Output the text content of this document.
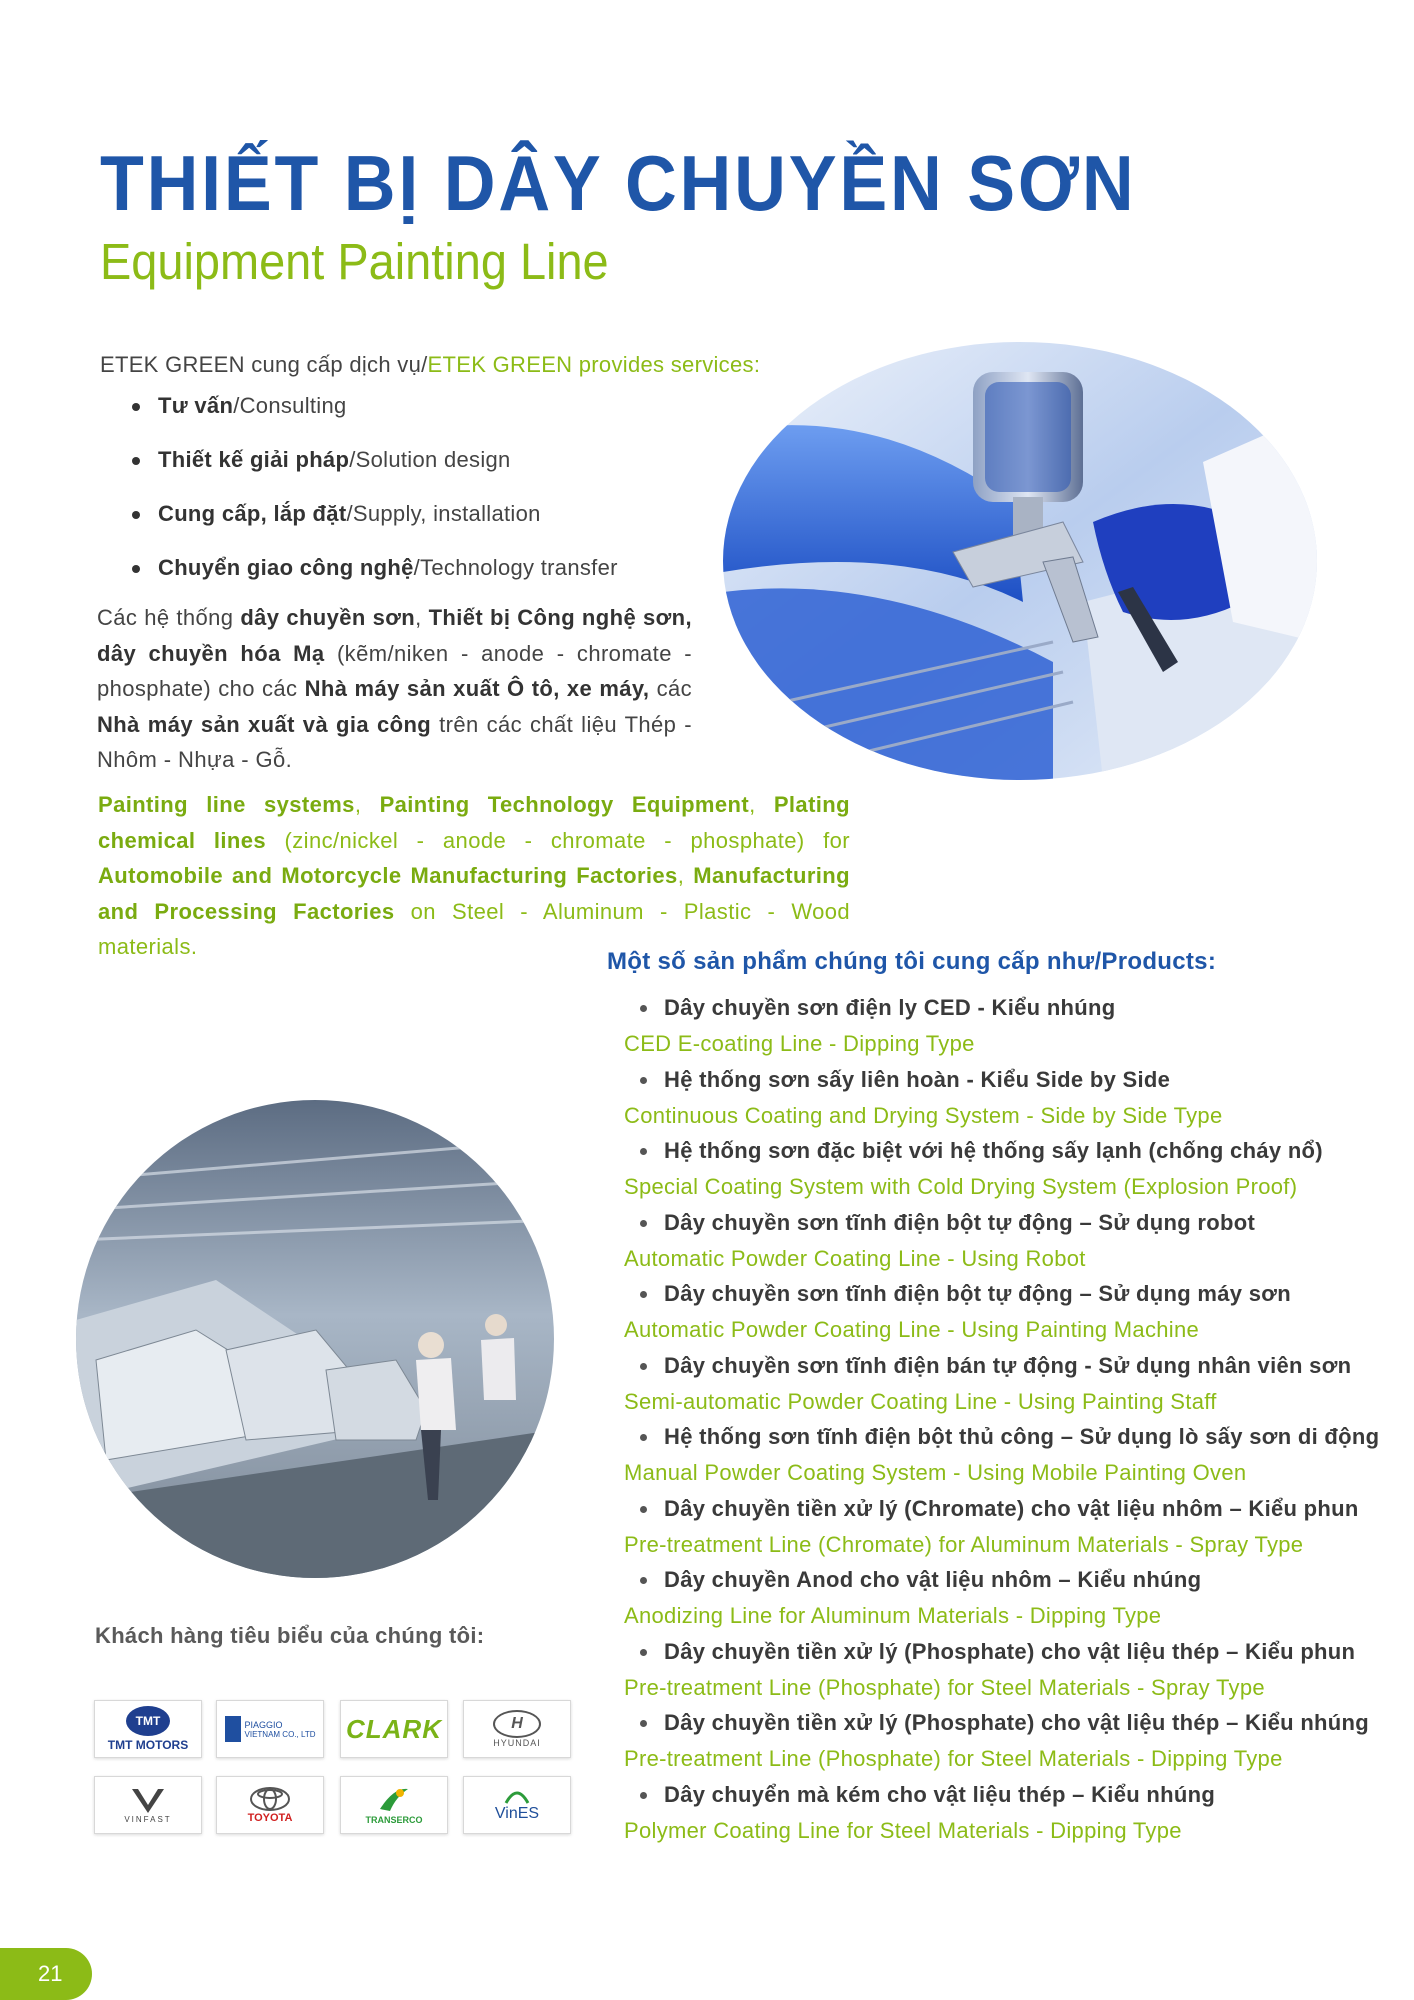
THIẾT BỊ DÂY CHUYỀN SƠN
Equipment Painting Line
ETEK GREEN cung cấp dịch vụ/ETEK GREEN provides services:
Tư vấn/Consulting
Thiết kế giải pháp/Solution design
Cung cấp, lắp đặt/Supply, installation
Chuyển giao công nghệ/Technology transfer
Các hệ thống dây chuyền sơn, Thiết bị Công nghệ sơn, dây chuyền hóa Mạ (kẽm/niken - anode - chromate - phosphate) cho các Nhà máy sản xuất Ô tô, xe máy, các Nhà máy sản xuất và gia công trên các chất liệu Thép - Nhôm - Nhựa - Gỗ.
Painting line systems, Painting Technology Equipment, Plating chemical lines (zinc/nickel - anode - chromate - phosphate) for Automobile and Motorcycle Manufacturing Factories, Manufacturing and Processing Factories on Steel - Aluminum - Plastic - Wood materials.
Một số sản phẩm chúng tôi cung cấp như/Products:
Dây chuyền sơn điện ly CED - Kiểu nhúng
CED E-coating Line - Dipping Type
Hệ thống sơn sấy liên hoàn - Kiểu Side by Side
Continuous Coating and Drying System - Side by Side Type
Hệ thống sơn đặc biệt với hệ thống sấy lạnh (chống cháy nổ)
Special Coating System with Cold Drying System (Explosion Proof)
Dây chuyền sơn tĩnh điện bột tự động – Sử dụng robot
Automatic Powder Coating Line - Using Robot
Dây chuyền sơn tĩnh điện bột tự động – Sử dụng máy sơn
Automatic Powder Coating Line - Using Painting Machine
Dây chuyền sơn tĩnh điện bán tự động - Sử dụng nhân viên sơn
Semi-automatic Powder Coating Line - Using Painting Staff
Hệ thống sơn tĩnh điện bột thủ công – Sử dụng lò sấy sơn di động
Manual Powder Coating System - Using Mobile Painting Oven
Dây chuyền tiền xử lý (Chromate) cho vật liệu nhôm – Kiểu phun
Pre-treatment Line (Chromate) for Aluminum Materials - Spray Type
Dây chuyền Anod cho vật liệu nhôm – Kiểu nhúng
Anodizing Line for Aluminum Materials - Dipping Type
Dây chuyền tiền xử lý (Phosphate) cho vật liệu thép – Kiểu phun
Pre-treatment Line (Phosphate) for Steel Materials - Spray Type
Dây chuyền tiền xử lý (Phosphate) cho vật liệu thép – Kiểu nhúng
Pre-treatment Line (Phosphate) for Steel Materials - Dipping Type
Dây chuyển mà kém cho vật liệu thép – Kiểu nhúng
Polymer Coating Line for Steel Materials - Dipping Type
Khách hàng tiêu biểu của chúng tôi:
TMT
TMT MOTORS
PIAGGIO
VIETNAM CO., LTD CLARK	H
HYUNDAI
VINFAST	TOYOTA	TRANSERCO	VinES
21
